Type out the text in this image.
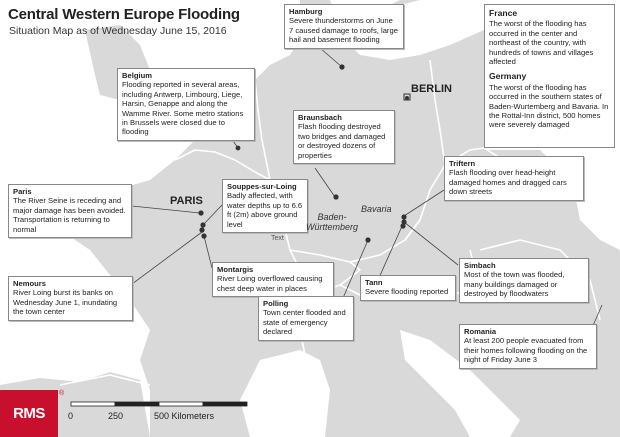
Central Western Europe Flooding
Situation Map as of Wednesday June 15, 2016
France
The worst of the flooding has occurred in the center and northeast of the country, with hundreds of towns and villages affected
Germany
The worst of the flooding has occurred in the southern states of Baden-Wurtemberg and Bavaria. In the Rottal-Inn district, 500 homes were severely damaged
Hamburg
Severe thunderstorms on June 7 caused damage to roofs, large hail and basement flooding
Belgium
Flooding reported in several areas, including Antwerp, Limbourg, Liege, Harsin, Genappe and along the Wamme River. Some metro stations in Brussels were closed due to flooding
Braunsbach
Flash flooding destroyed two bridges and damaged or destroyed dozens of properties
Triftern
Flash flooding over head-height damaged homes and dragged cars down streets
Paris
The River Seine is receding and major damage has been avoided. Transportation is returning to normal
Souppes-sur-Loing
Badly affected, with water depths up to 6.6 ft (2m) above ground level
Nemours
River Loing burst its banks on Wednesday June 1, inundating the town center
Montargis
River Loing overflowed causing chest deep water in places
Simbach
Most of the town was flooded, many buildings damaged or destroyed by floodwaters
Tann
Severe flooding reported
Polling
Town center flooded and state of emergency declared	Romania
At least 200 people evacuated from their homes following flooding on the night of Friday June 3
PARIS
BERLIN
Bavaria
Baden-
Württemberg
Text
0	250	500 Kilometers
RMS
®
